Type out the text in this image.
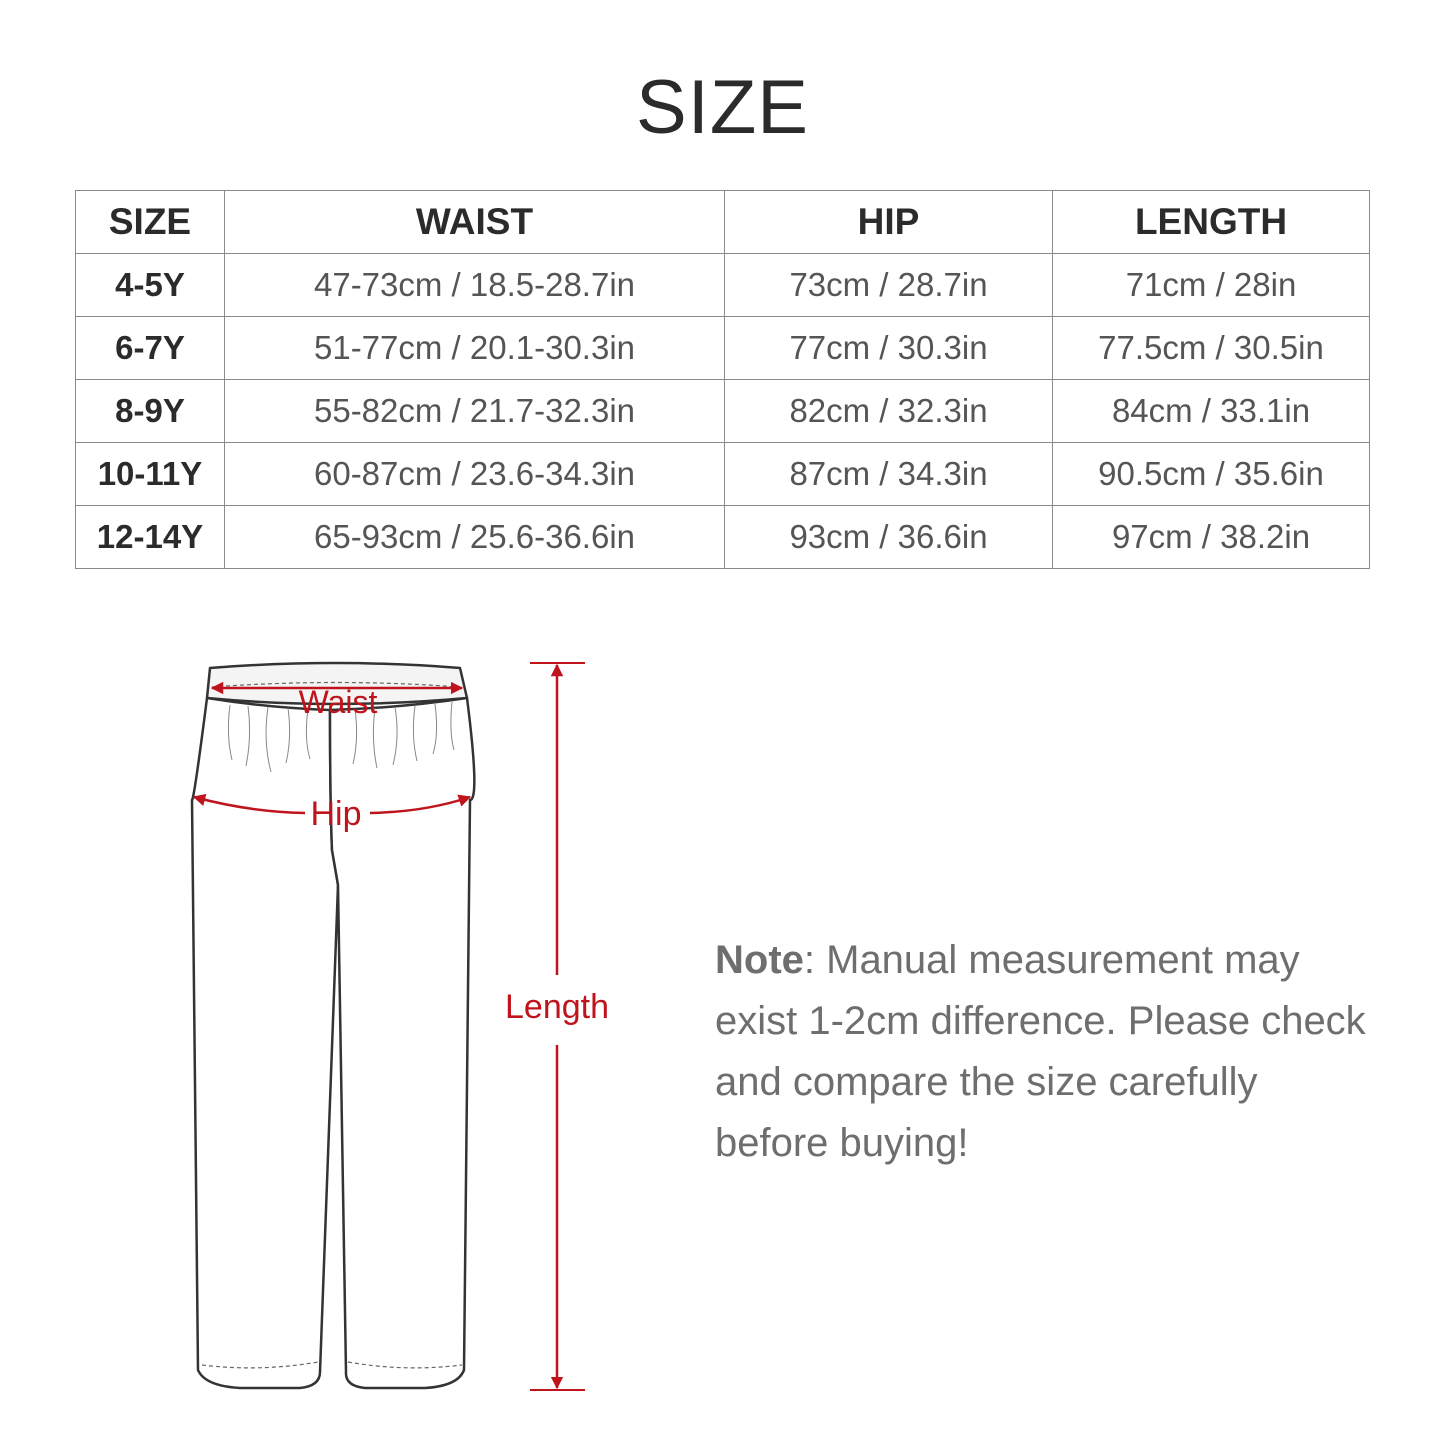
SIZE
SIZE	WAIST	HIP	LENGTH
4-5Y	47-73cm / 18.5-28.7in	73cm / 28.7in	71cm / 28in
6-7Y	51-77cm / 20.1-30.3in	77cm / 30.3in	77.5cm / 30.5in
8-9Y	55-82cm / 21.7-32.3in	82cm / 32.3in	84cm / 33.1in
10-11Y	60-87cm / 23.6-34.3in	87cm / 34.3in	90.5cm / 35.6in
12-14Y	65-93cm / 25.6-36.6in	93cm / 36.6in	97cm / 38.2in
Waist
Hip
Length
Note: Manual measurement may exist 1-2cm difference. Please check and compare the size carefully before buying!
